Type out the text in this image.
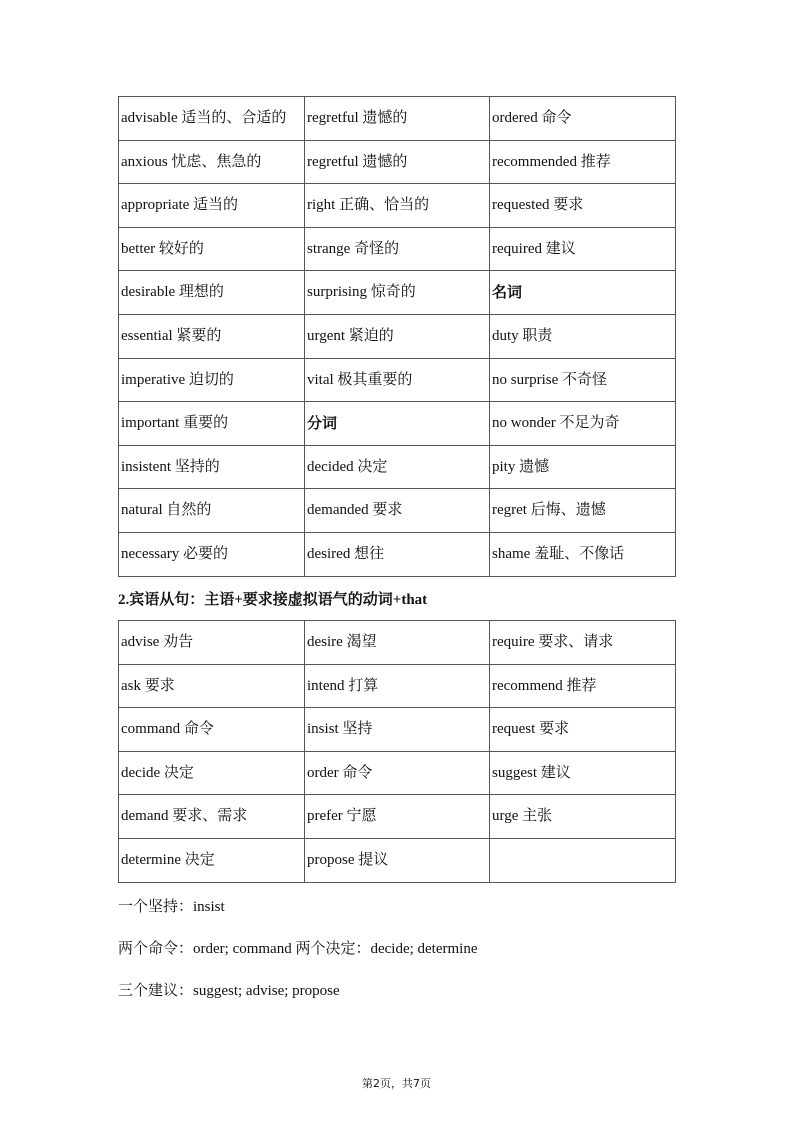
advisable 适当的、合适的	regretful 遗憾的	ordered 命令
anxious 忧虑、焦急的	regretful 遗憾的	recommended 推荐
appropriate 适当的	right 正确、恰当的	requested 要求
better 较好的	strange 奇怪的	required 建议
desirable 理想的	surprising 惊奇的	名词
essential 紧要的	urgent 紧迫的	duty 职责
imperative 迫切的	vital 极其重要的	no surprise 不奇怪
important 重要的	分词	no wonder 不足为奇
insistent 坚持的	decided 决定	pity 遗憾
natural 自然的	demanded 要求	regret 后悔、遗憾
necessary 必要的	desired 想往	shame 羞耻、不像话
2.宾语从句：主语+要求接虚拟语气的动词+that
advise 劝告	desire 渴望	require 要求、请求
ask 要求	intend 打算	recommend 推荐
command 命令	insist 坚持	request 要求
decide 决定	order 命令	suggest 建议
demand 要求、需求	prefer 宁愿	urge 主张
determine 决定	propose 提议	
一个坚持：insist
两个命令：order; command 两个决定：decide; determine
三个建议：suggest; advise; propose
第2页，共7页
